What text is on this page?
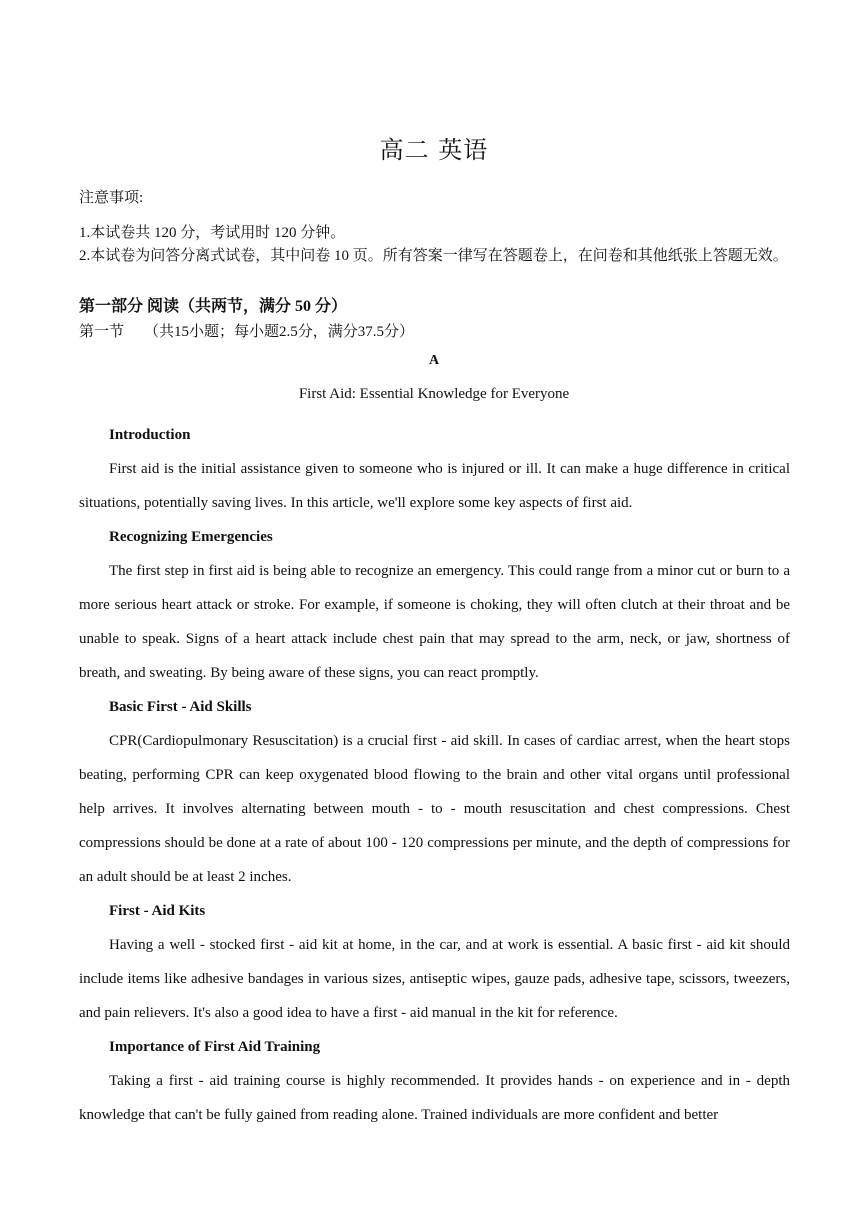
高二 英语
注意事项:
1.本试卷共 120 分，考试用时 120 分钟。
2.本试卷为问答分离式试卷，其中问卷 10 页。所有答案一律写在答题卷上，在问卷和其他纸张上答题无效。
第一部分 阅读（共两节，满分 50 分）
第一节 （共15小题；每小题2.5分，满分37.5分）
A
First Aid: Essential Knowledge for Everyone
Introduction
First aid is the initial assistance given to someone who is injured or ill. It can make a huge difference in critical situations, potentially saving lives. In this article, we'll explore some key aspects of first aid.
Recognizing Emergencies
The first step in first aid is being able to recognize an emergency. This could range from a minor cut or burn to a more serious heart attack or stroke. For example, if someone is choking, they will often clutch at their throat and be unable to speak. Signs of a heart attack include chest pain that may spread to the arm, neck, or jaw, shortness of breath, and sweating. By being aware of these signs, you can react promptly.
Basic First - Aid Skills
CPR(Cardiopulmonary Resuscitation) is a crucial first - aid skill. In cases of cardiac arrest, when the heart stops beating, performing CPR can keep oxygenated blood flowing to the brain and other vital organs until professional help arrives. It involves alternating between mouth - to - mouth resuscitation and chest compressions. Chest compressions should be done at a rate of about 100 - 120 compressions per minute, and the depth of compressions for an adult should be at least 2 inches.
First - Aid Kits
Having a well - stocked first - aid kit at home, in the car, and at work is essential. A basic first - aid kit should include items like adhesive bandages in various sizes, antiseptic wipes, gauze pads, adhesive tape, scissors, tweezers, and pain relievers. It's also a good idea to have a first - aid manual in the kit for reference.
Importance of First Aid Training
Taking a first - aid training course is highly recommended. It provides hands - on experience and in - depth knowledge that can't be fully gained from reading alone. Trained individuals are more confident and better
